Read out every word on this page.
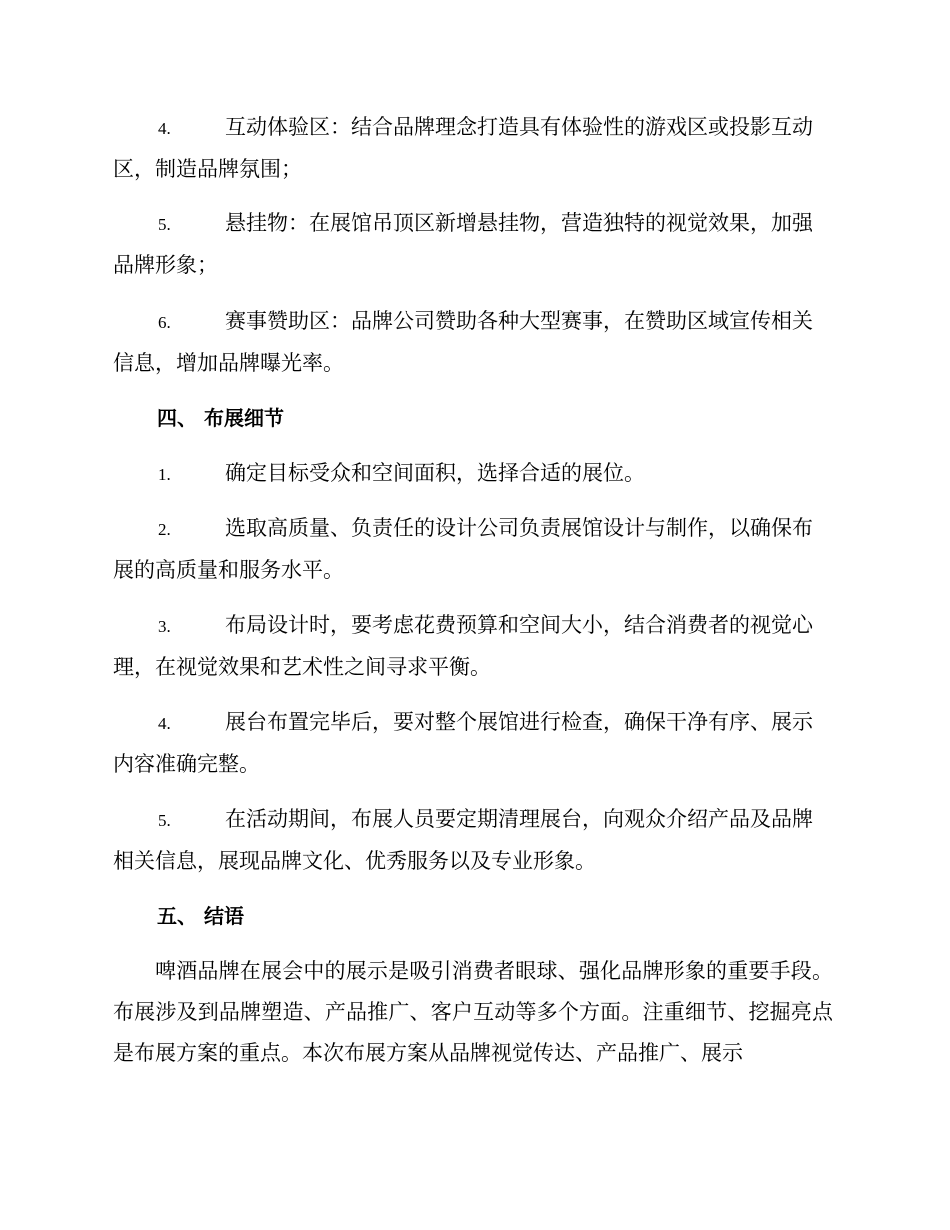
4.	互动体验区：结合品牌理念打造具有体验性的游戏区或投影互动区，制造品牌氛围；
5.	悬挂物：在展馆吊顶区新增悬挂物，营造独特的视觉效果，加强品牌形象；
6.	赛事赞助区：品牌公司赞助各种大型赛事，在赞助区域宣传相关信息，增加品牌曝光率。
四、 布展细节
1.	确定目标受众和空间面积，选择合适的展位。
2.	选取高质量、负责任的设计公司负责展馆设计与制作，以确保布展的高质量和服务水平。
3.	布局设计时，要考虑花费预算和空间大小，结合消费者的视觉心理，在视觉效果和艺术性之间寻求平衡。
4.	展台布置完毕后，要对整个展馆进行检查，确保干净有序、展示内容准确完整。
5.	在活动期间，布展人员要定期清理展台，向观众介绍产品及品牌相关信息，展现品牌文化、优秀服务以及专业形象。
五、 结语
啤酒品牌在展会中的展示是吸引消费者眼球、强化品牌形象的重要手段。布展涉及到品牌塑造、产品推广、客户互动等多个方面。注重细节、挖掘亮点是布展方案的重点。本次布展方案从品牌视觉传达、产品推广、展示
